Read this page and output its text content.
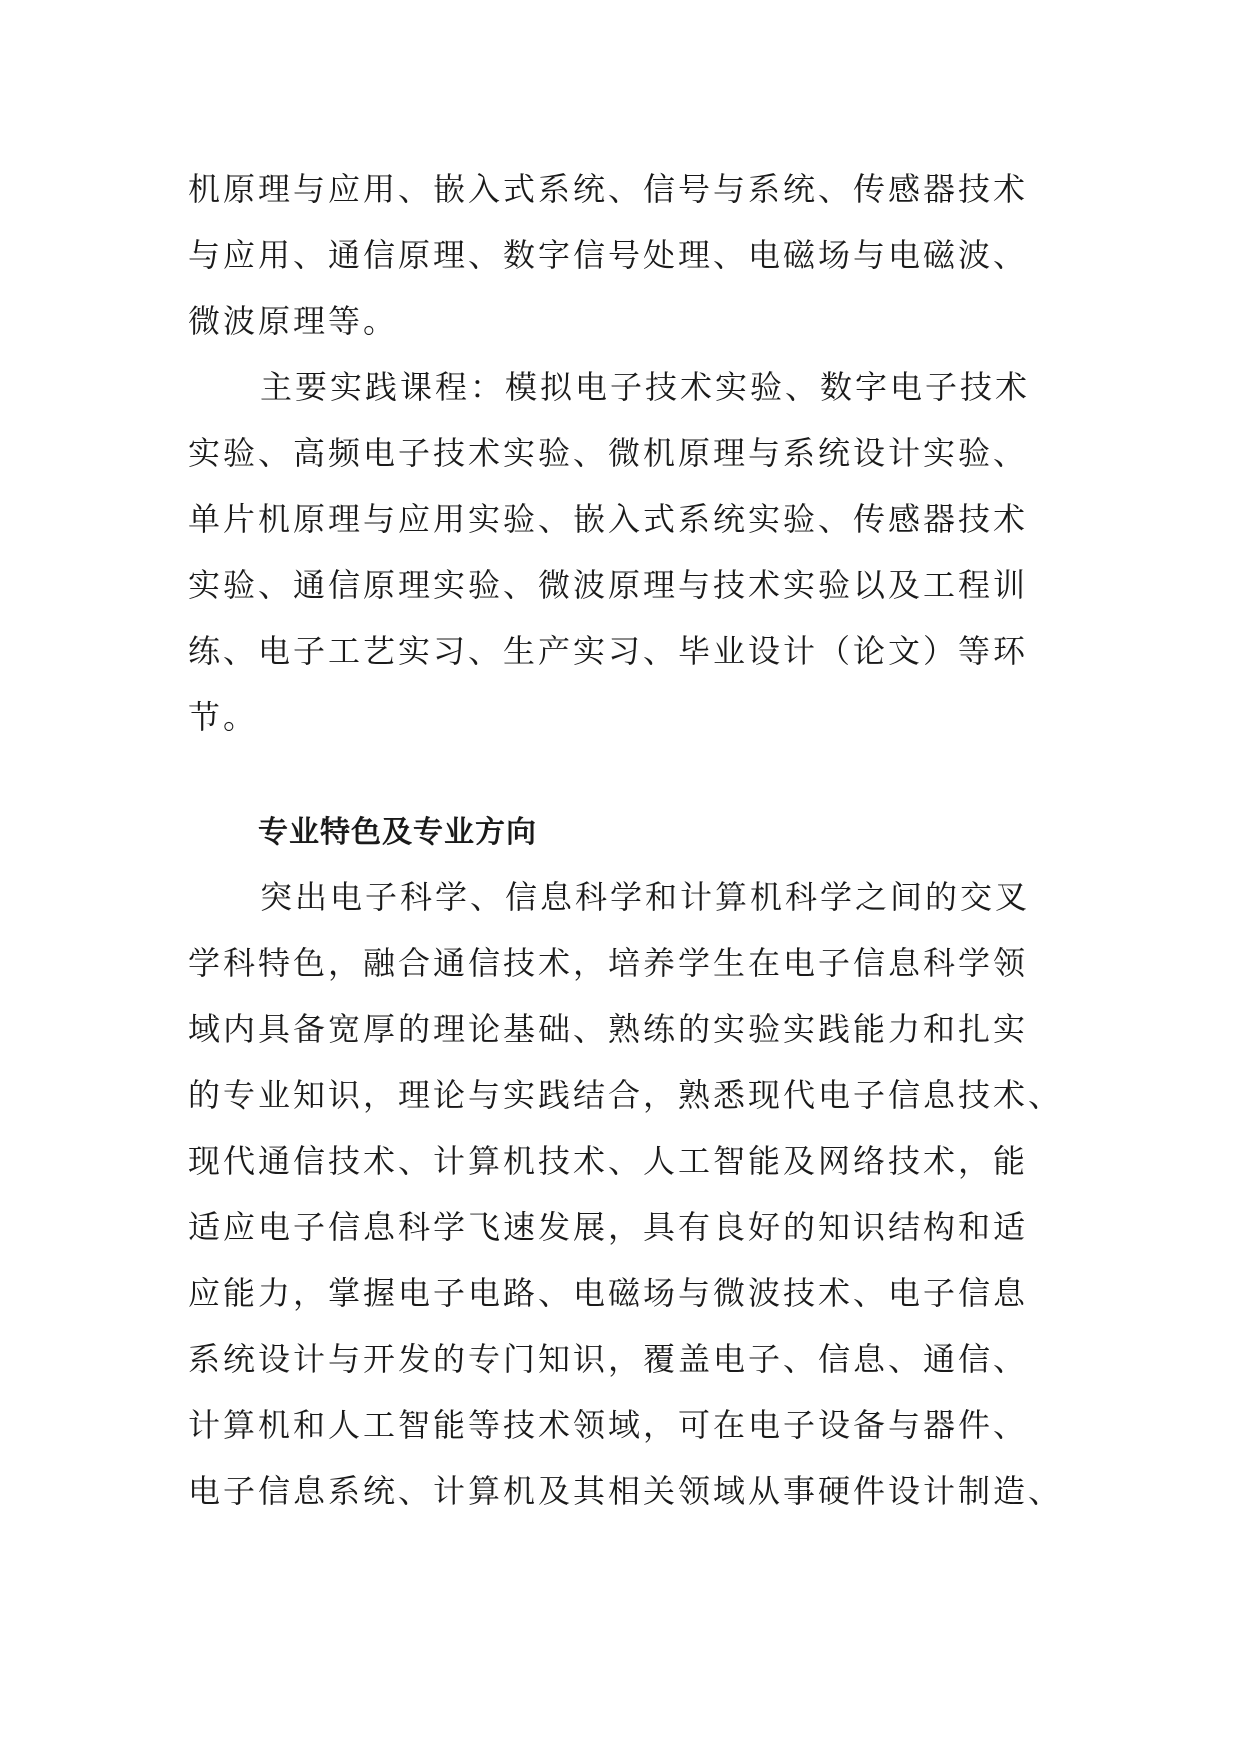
机原理与应用、嵌入式系统、信号与系统、传感器技术
与应用、通信原理、数字信号处理、电磁场与电磁波、
微波原理等。
主要实践课程：模拟电子技术实验、数字电子技术
实验、高频电子技术实验、微机原理与系统设计实验、
单片机原理与应用实验、嵌入式系统实验、传感器技术
实验、通信原理实验、微波原理与技术实验以及工程训
练、电子工艺实习、生产实习、毕业设计（论文）等环
节。
专业特色及专业方向
突出电子科学、信息科学和计算机科学之间的交叉
学科特色，融合通信技术，培养学生在电子信息科学领
域内具备宽厚的理论基础、熟练的实验实践能力和扎实
的专业知识，理论与实践结合，熟悉现代电子信息技术、
现代通信技术、计算机技术、人工智能及网络技术，能
适应电子信息科学飞速发展，具有良好的知识结构和适
应能力，掌握电子电路、电磁场与微波技术、电子信息
系统设计与开发的专门知识，覆盖电子、信息、通信、
计算机和人工智能等技术领域，可在电子设备与器件、
电子信息系统、计算机及其相关领域从事硬件设计制造、
